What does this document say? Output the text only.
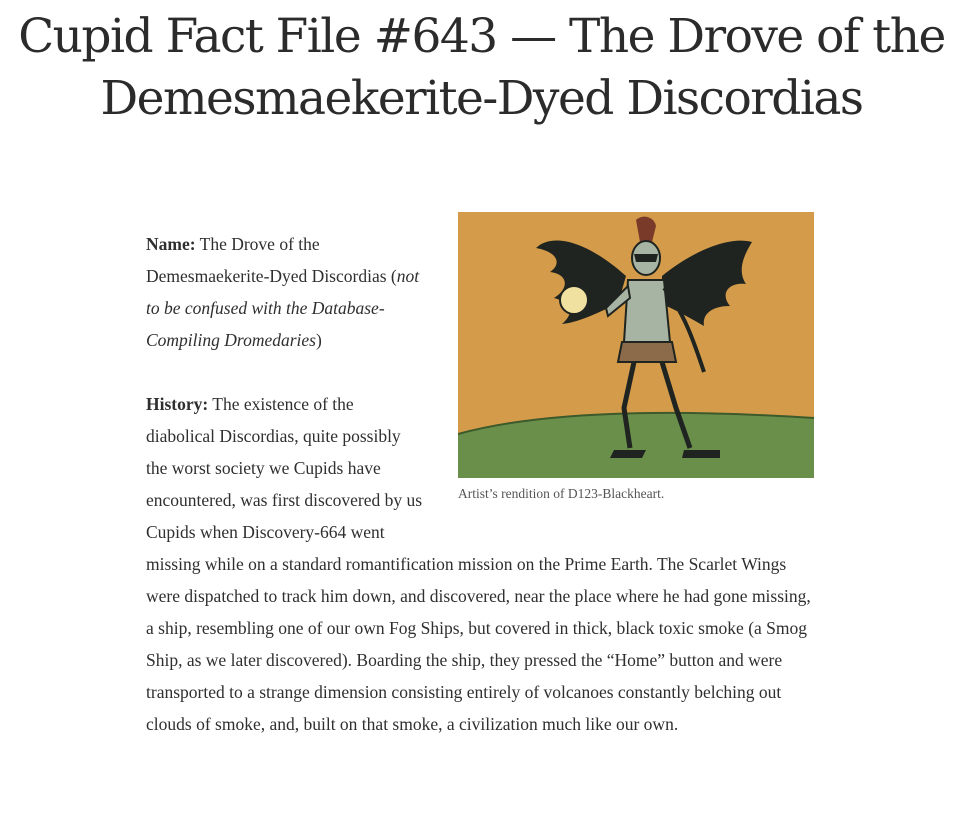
Cupid Fact File #643 — The Drove of the Demesmaekerite-Dyed Discordias
Artist’s rendition of D123-Blackheart.

Name: The Drove of the Demesmaekerite-Dyed Discordias (not to be confused with the Database-Compiling Dromedaries)

History: The existence of the diabolical Discordias, quite possibly the worst society we Cupids have encountered, was first discovered by us Cupids when Discovery-664 went missing while on a standard romantification mission on the Prime Earth. The Scarlet Wings were dispatched to track him down, and discovered, near the place where he had gone missing, a ship, resembling one of our own Fog Ships, but covered in thick, black toxic smoke (a Smog Ship, as we later discovered). Boarding the ship, they pressed the “Home” button and were transported to a strange dimension consisting entirely of volcanoes constantly belching out clouds of smoke, and, built on that smoke, a civilization much like our own.
